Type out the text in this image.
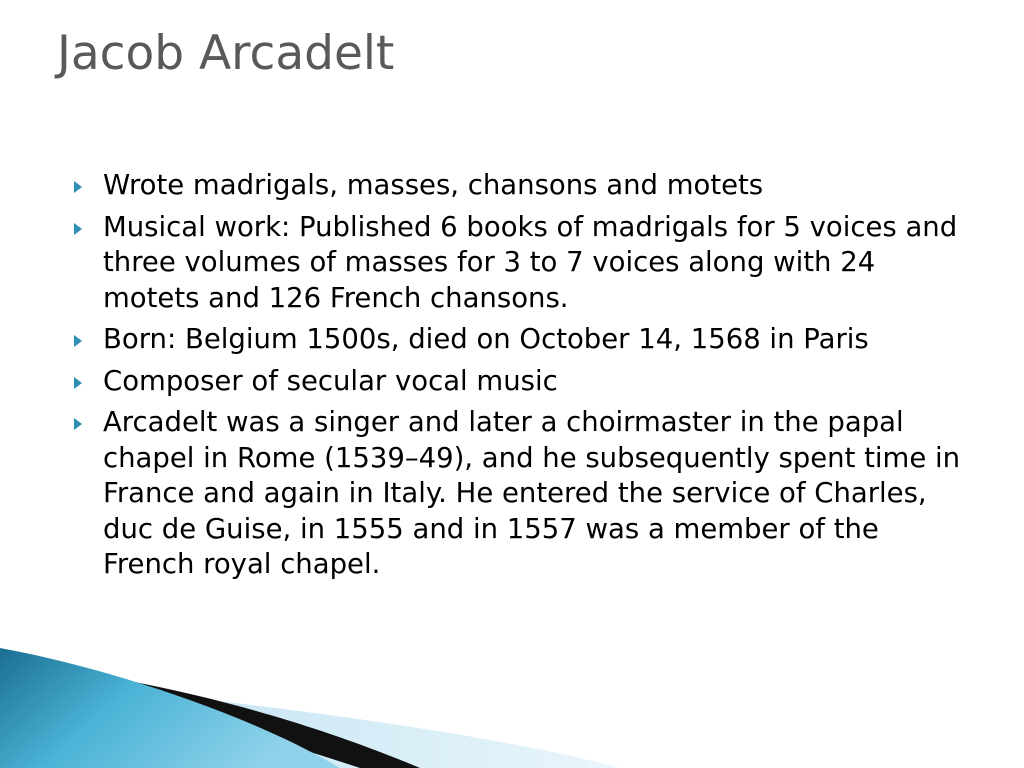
Jacob Arcadelt
Wrote madrigals, masses, chansons and motets
Musical work: Published 6 books of madrigals for 5 voices and three volumes of masses for 3 to 7 voices along with 24 motets and 126 French chansons.
Born: Belgium 1500s, died on October 14, 1568 in Paris
Composer of secular vocal music
Arcadelt was a singer and later a choirmaster in the papal chapel in Rome (1539–49), and he subsequently spent time in France and again in Italy. He entered the service of Charles, duc de Guise, in 1555 and in 1557 was a member of the French royal chapel.
